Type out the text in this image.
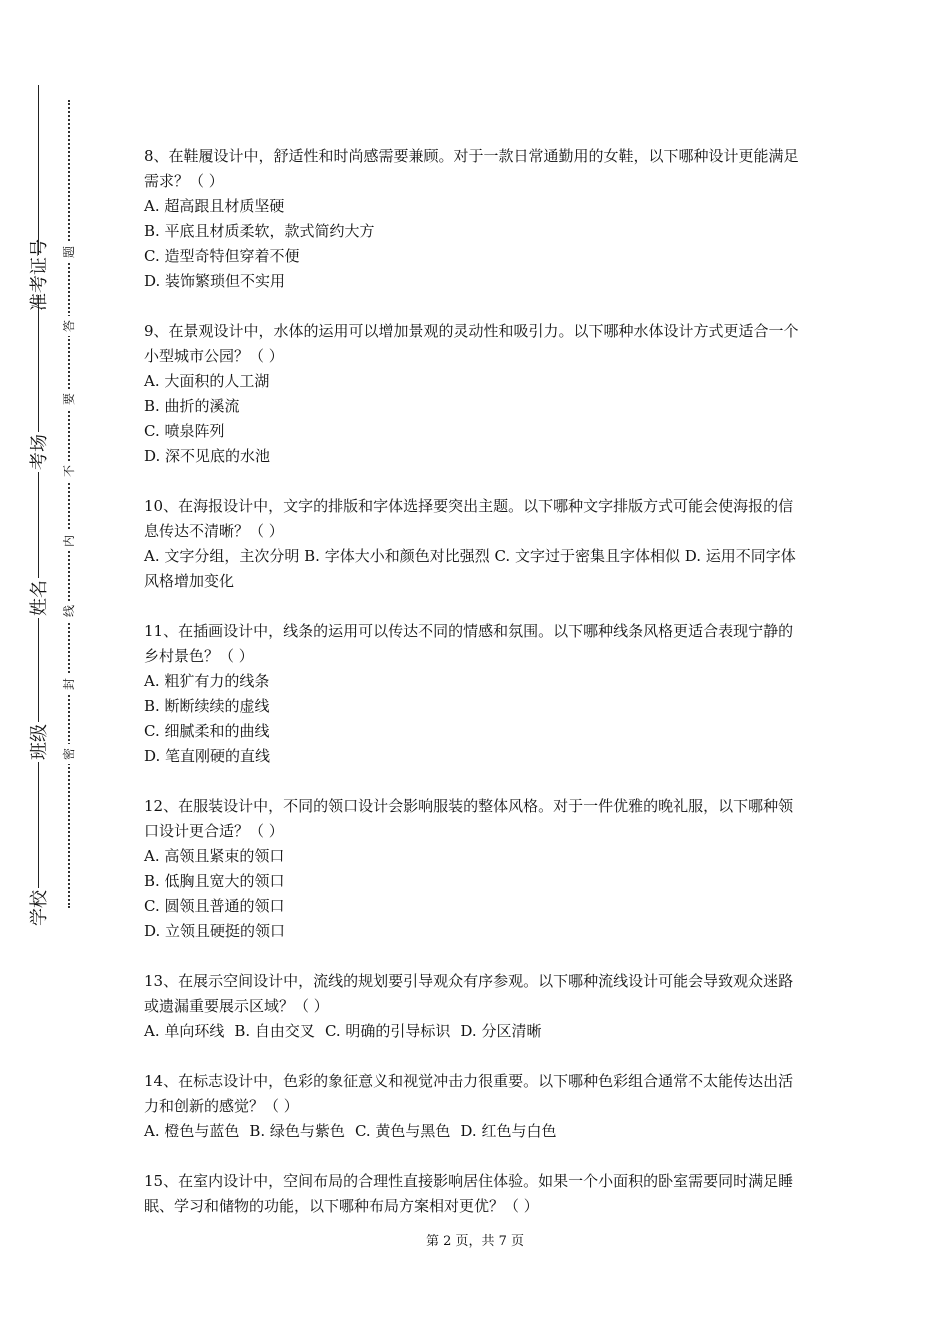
准考证号
考场
姓名
班级
学校
题
答
要
不
内
线
封
密

8、在鞋履设计中，舒适性和时尚感需要兼顾。对于一款日常通勤用的女鞋，以下哪种设计更能满足需求？（ ）

A. 超高跟且材质坚硬

B. 平底且材质柔软，款式简约大方

C. 造型奇特但穿着不便

D. 装饰繁琐但不实用

9、在景观设计中，水体的运用可以增加景观的灵动性和吸引力。以下哪种水体设计方式更适合一个小型城市公园？（ ）

A. 大面积的人工湖

B. 曲折的溪流

C. 喷泉阵列

D. 深不见底的水池

10、在海报设计中，文字的排版和字体选择要突出主题。以下哪种文字排版方式可能会使海报的信息传达不清晰？（ ）

A. 文字分组，主次分明 B. 字体大小和颜色对比强烈 C. 文字过于密集且字体相似 D. 运用不同字体风格增加变化

11、在插画设计中，线条的运用可以传达不同的情感和氛围。以下哪种线条风格更适合表现宁静的乡村景色？（ ）

A. 粗犷有力的线条

B. 断断续续的虚线

C. 细腻柔和的曲线

D. 笔直刚硬的直线

12、在服装设计中，不同的领口设计会影响服装的整体风格。对于一件优雅的晚礼服，以下哪种领口设计更合适？（ ）

A. 高领且紧束的领口

B. 低胸且宽大的领口

C. 圆领且普通的领口

D. 立领且硬挺的领口

13、在展示空间设计中，流线的规划要引导观众有序参观。以下哪种流线设计可能会导致观众迷路或遗漏重要展示区域？（ ）

A. 单向环线 B. 自由交叉 C. 明确的引导标识 D. 分区清晰

14、在标志设计中，色彩的象征意义和视觉冲击力很重要。以下哪种色彩组合通常不太能传达出活力和创新的感觉？（ ）

A. 橙色与蓝色 B. 绿色与紫色 C. 黄色与黑色 D. 红色与白色

15、在室内设计中，空间布局的合理性直接影响居住体验。如果一个小面积的卧室需要同时满足睡眠、学习和储物的功能，以下哪种布局方案相对更优？（ ）

第 2 页，共 7 页
